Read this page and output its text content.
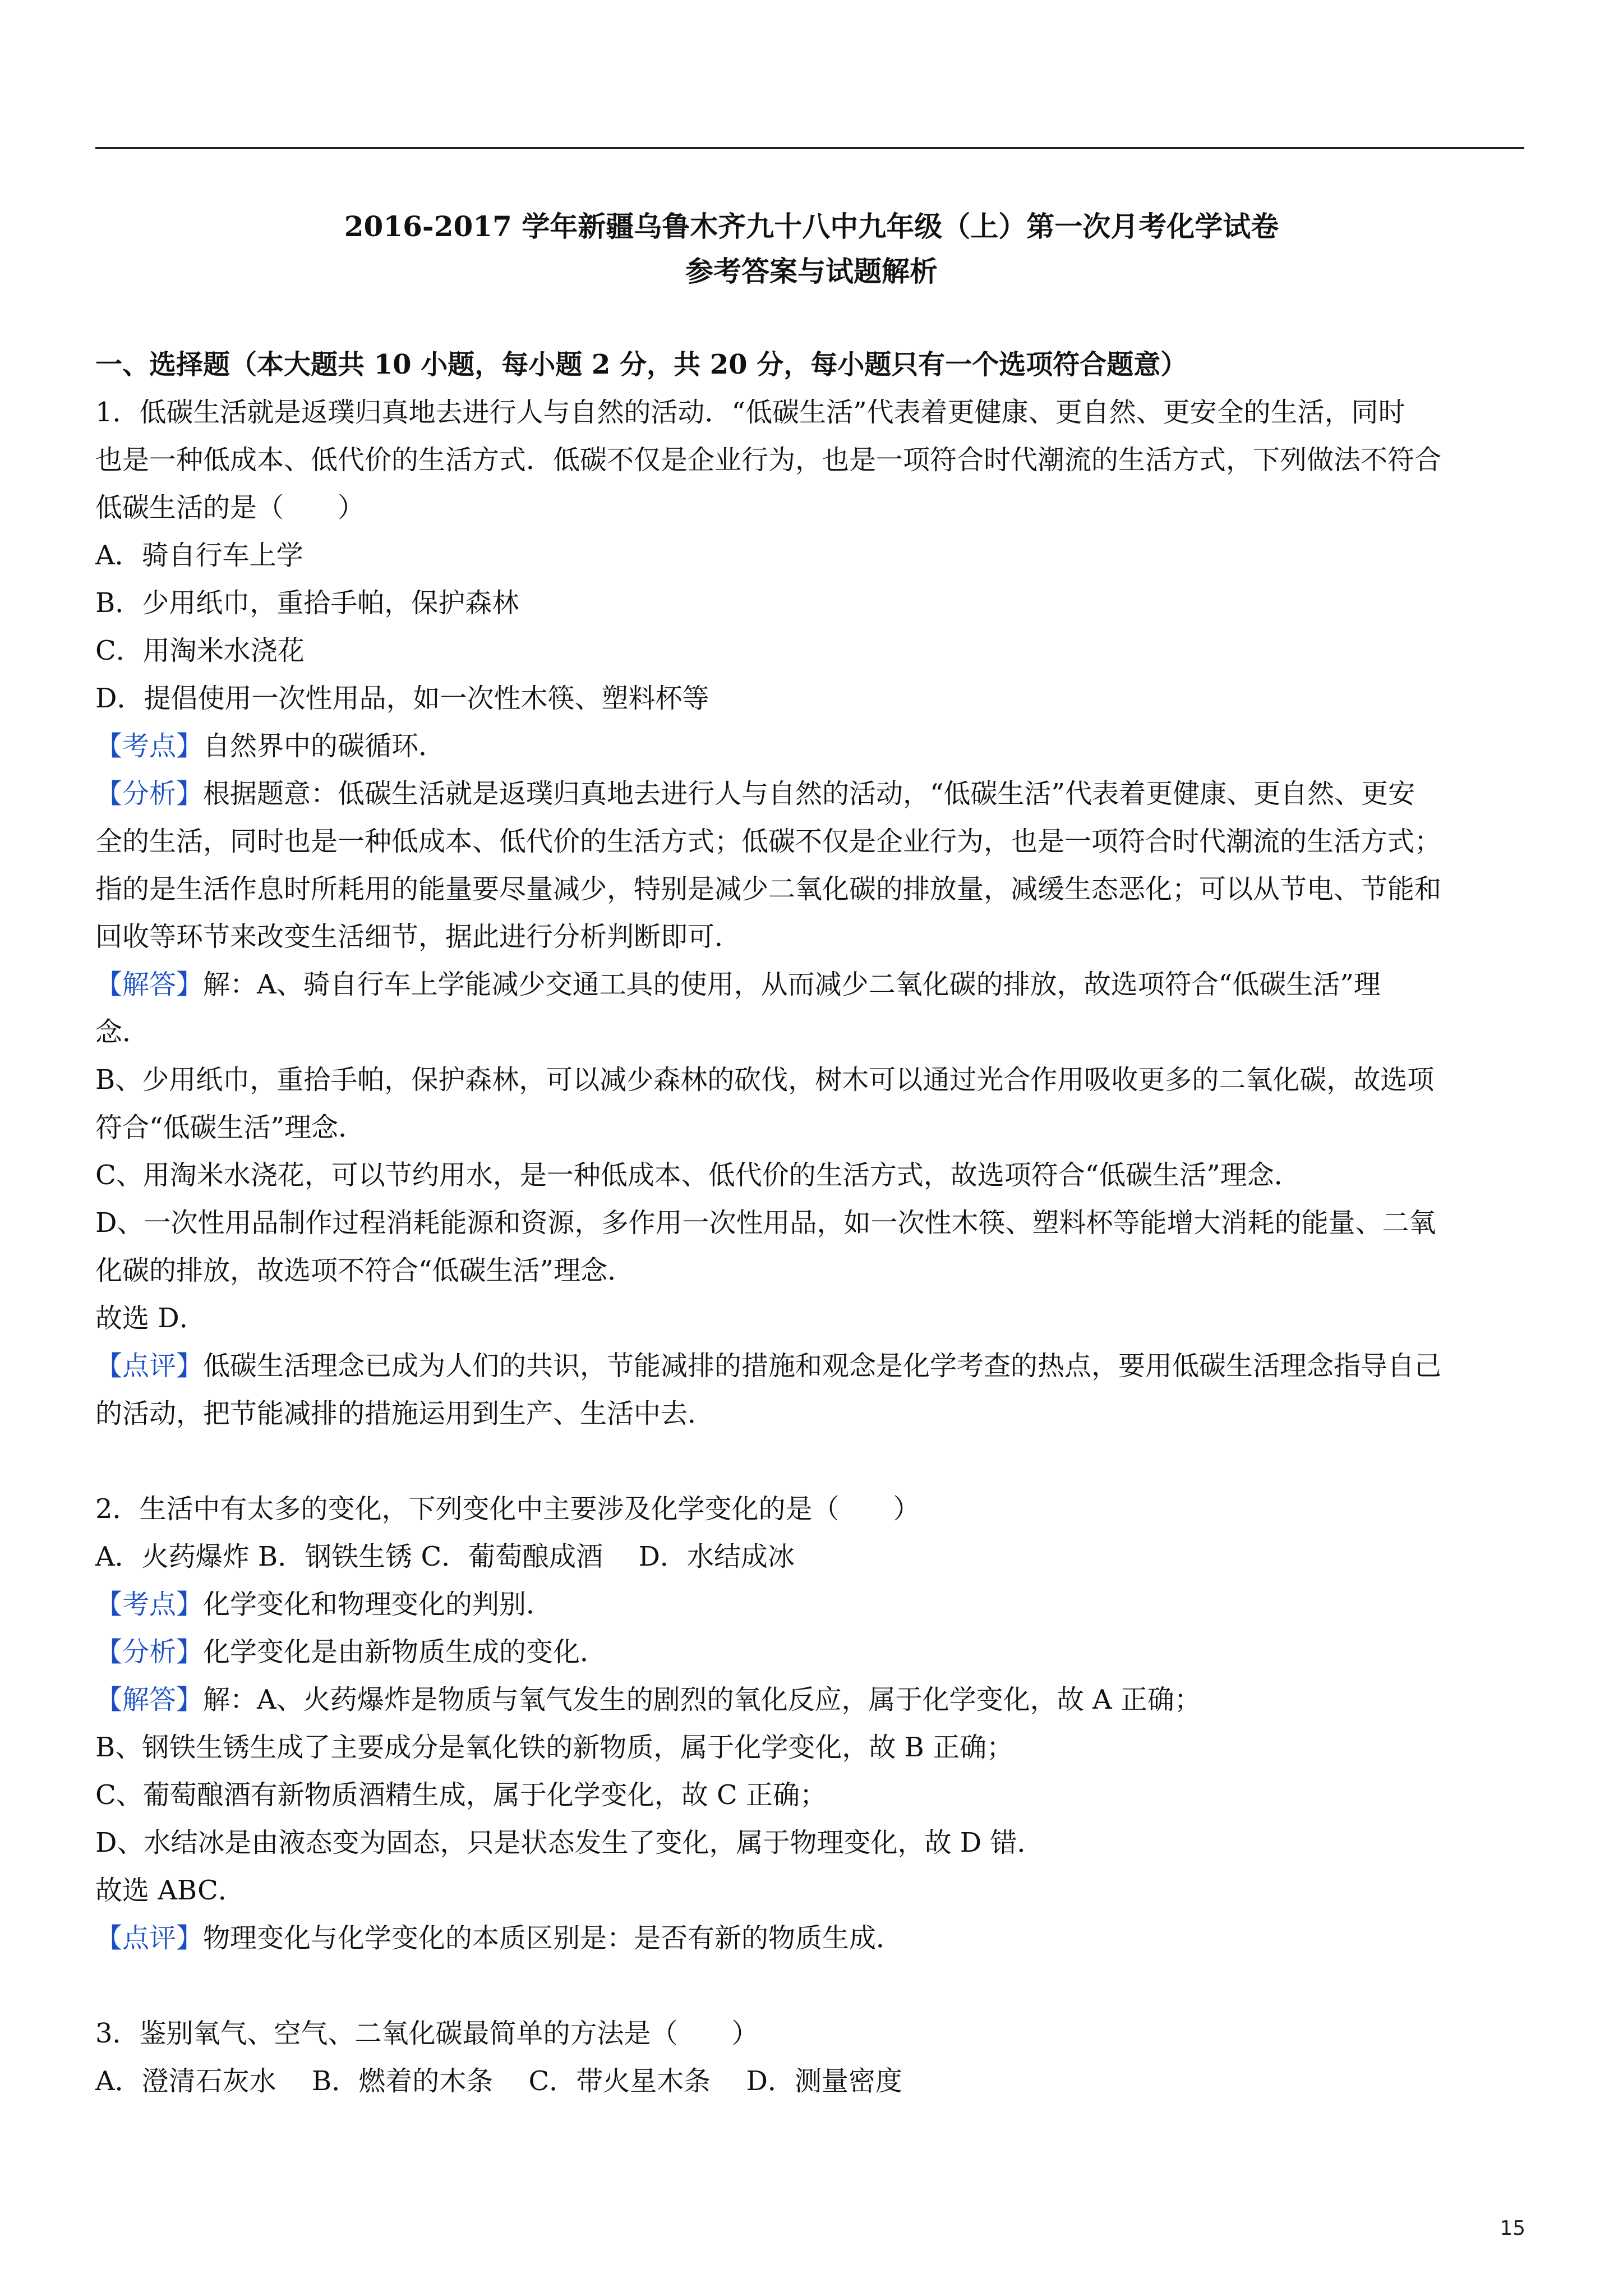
2016-2017 学年新疆乌鲁木齐九十八中九年级（上）第一次月考化学试卷
参考答案与试题解析
一、选择题（本大题共 10 小题，每小题 2 分，共 20 分，每小题只有一个选项符合题意）
1．低碳生活就是返璞归真地去进行人与自然的活动．“低碳生活”代表着更健康、更自然、更安全的生活，同时
也是一种低成本、低代价的生活方式．低碳不仅是企业行为，也是一项符合时代潮流的生活方式，下列做法不符合
低碳生活的是（　　）
A．骑自行车上学
B．少用纸巾，重拾手帕，保护森林
C．用淘米水浇花
D．提倡使用一次性用品，如一次性木筷、塑料杯等
【考点】自然界中的碳循环．
【分析】根据题意：低碳生活就是返璞归真地去进行人与自然的活动，“低碳生活”代表着更健康、更自然、更安
全的生活，同时也是一种低成本、低代价的生活方式；低碳不仅是企业行为，也是一项符合时代潮流的生活方式；
指的是生活作息时所耗用的能量要尽量减少，特别是减少二氧化碳的排放量，减缓生态恶化；可以从节电、节能和
回收等环节来改变生活细节，据此进行分析判断即可．
【解答】解：A、骑自行车上学能减少交通工具的使用，从而减少二氧化碳的排放，故选项符合“低碳生活”理
念．
B、少用纸巾，重拾手帕，保护森林，可以减少森林的砍伐，树木可以通过光合作用吸收更多的二氧化碳，故选项
符合“低碳生活”理念．
C、用淘米水浇花，可以节约用水，是一种低成本、低代价的生活方式，故选项符合“低碳生活”理念．
D、一次性用品制作过程消耗能源和资源，多作用一次性用品，如一次性木筷、塑料杯等能增大消耗的能量、二氧
化碳的排放，故选项不符合“低碳生活”理念．
故选 D．
【点评】低碳生活理念已成为人们的共识，节能减排的措施和观念是化学考查的热点，要用低碳生活理念指导自己
的活动，把节能减排的措施运用到生产、生活中去．
2．生活中有太多的变化，下列变化中主要涉及化学变化的是（　　）
A．火药爆炸 B．钢铁生锈 C．葡萄酿成酒　 D．水结成冰
【考点】化学变化和物理变化的判别．
【分析】化学变化是由新物质生成的变化．
【解答】解：A、火药爆炸是物质与氧气发生的剧烈的氧化反应，属于化学变化，故 A 正确；
B、钢铁生锈生成了主要成分是氧化铁的新物质，属于化学变化，故 B 正确；
C、葡萄酿酒有新物质酒精生成，属于化学变化，故 C 正确；
D、水结冰是由液态变为固态，只是状态发生了变化，属于物理变化，故 D 错．
故选 ABC．
【点评】物理变化与化学变化的本质区别是：是否有新的物质生成．
3．鉴别氧气、空气、二氧化碳最简单的方法是（　　）
A．澄清石灰水　 B．燃着的木条　 C．带火星木条　 D．测量密度
15
